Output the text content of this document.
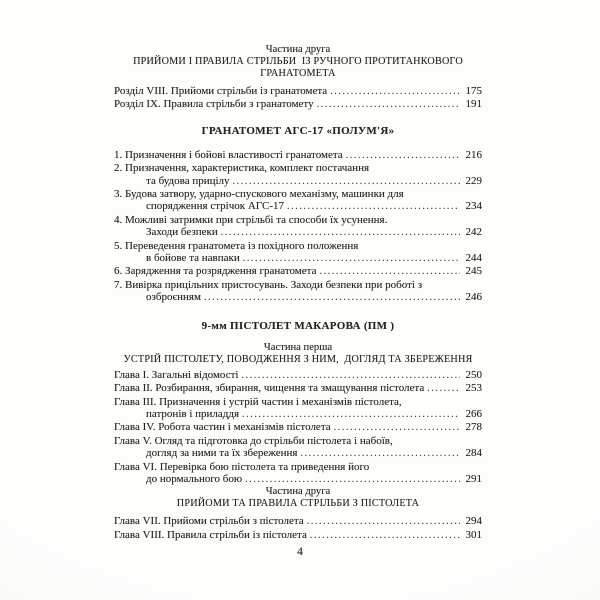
Частина друга
ПРИЙОМИ І ПРАВИЛА СТРІЛЬБИ  ІЗ РУЧНОГО ПРОТИТАНКОВОГО
ГРАНАТОМЕТА
Розділ VIII. Прийоми стрільби із гранатомета .....	175
Розділ IX. Правила стрільби з гранатомету .....	191
ГРАНАТОМЕТ АГС-17 «ПОЛУМ'Я»
1. Призначення і бойові властивості гранатомета .....	216
2. Призначення, характеристика, комплект постачання
та будова прицілу .....	229
3. Будова затвору, ударно-спускового механізму, машинки для
спорядження стрічок АГС-17 .....	234
4. Можливі затримки при стрільбі та способи їх усунення.
Заходи безпеки .....	242
5. Переведення гранатомета із похідного положення
в бойове та навпаки .....	244
6. Зарядження та розрядження гранатомета .....	245
7. Вивірка прицільних пристосувань. Заходи безпеки при роботі з
озброєнням .....	246
9-мм ПІСТОЛЕТ МАКАРОВА (ПМ )
Частина перша
УСТРІЙ ПІСТОЛЕТУ, ПОВОДЖЕННЯ З НИМ,  ДОГЛЯД ТА ЗБЕРЕЖЕННЯ
Глава I. Загальні відомості .....	250
Глава II. Розбирання, збирання, чищення та змащування пістолета .....	253
Глава III. Призначення і устрій частин і механізмів пістолета,
патронів і приладдя .....	266
Глава IV. Робота частин і механізмів пістолета .....	278
Глава V. Огляд та підготовка до стрільби пістолета і набоїв,
догляд за ними та їх збереження .....	284
Глава VI. Перевірка бою пістолета та приведення його
до нормального бою .....	291
Частина друга
ПРИЙОМИ ТА ПРАВИЛА СТРІЛЬБИ З ПІСТОЛЕТА
Глава VII. Прийоми стрільби з пістолета .....	294
Глава VIII. Правила стрільби із пістолета .....	301
4
